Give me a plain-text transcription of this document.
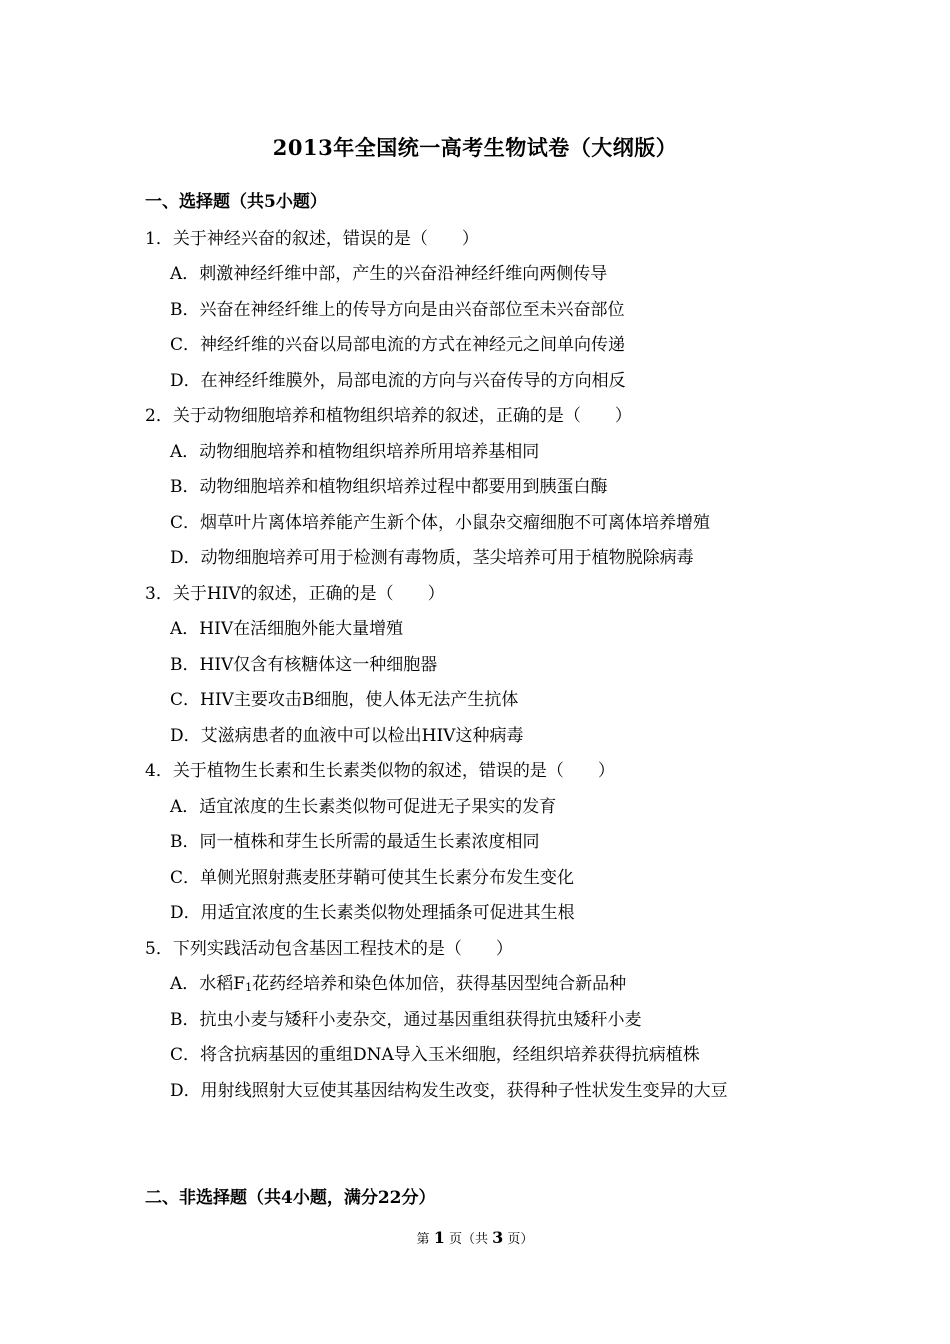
2013年全国统一高考生物试卷（大纲版）
一、选择题（共5小题）
1．关于神经兴奋的叙述，错误的是（　　）
A．刺激神经纤维中部，产生的兴奋沿神经纤维向两侧传导
B．兴奋在神经纤维上的传导方向是由兴奋部位至未兴奋部位
C．神经纤维的兴奋以局部电流的方式在神经元之间单向传递
D．在神经纤维膜外，局部电流的方向与兴奋传导的方向相反
2．关于动物细胞培养和植物组织培养的叙述，正确的是（　　）
A．动物细胞培养和植物组织培养所用培养基相同
B．动物细胞培养和植物组织培养过程中都要用到胰蛋白酶
C．烟草叶片离体培养能产生新个体，小鼠杂交瘤细胞不可离体培养增殖
D．动物细胞培养可用于检测有毒物质，茎尖培养可用于植物脱除病毒
3．关于HIV的叙述，正确的是（　　）
A．HIV在活细胞外能大量增殖
B．HIV仅含有核糖体这一种细胞器
C．HIV主要攻击B细胞，使人体无法产生抗体
D．艾滋病患者的血液中可以检出HIV这种病毒
4．关于植物生长素和生长素类似物的叙述，错误的是（　　）
A．适宜浓度的生长素类似物可促进无子果实的发育
B．同一植株和芽生长所需的最适生长素浓度相同
C．单侧光照射燕麦胚芽鞘可使其生长素分布发生变化
D．用适宜浓度的生长素类似物处理插条可促进其生根
5．下列实践活动包含基因工程技术的是（　　）
A．水稻$F_1$花药经培养和染色体加倍，获得基因型纯合新品种
B．抗虫小麦与矮秆小麦杂交，通过基因重组获得抗虫矮秆小麦
C．将含抗病基因的重组DNA导入玉米细胞，经组织培养获得抗病植株
D．用射线照射大豆使其基因结构发生改变，获得种子性状发生变异的大豆
二、非选择题（共4小题，满分22分）
第 1 页（共 3 页）
